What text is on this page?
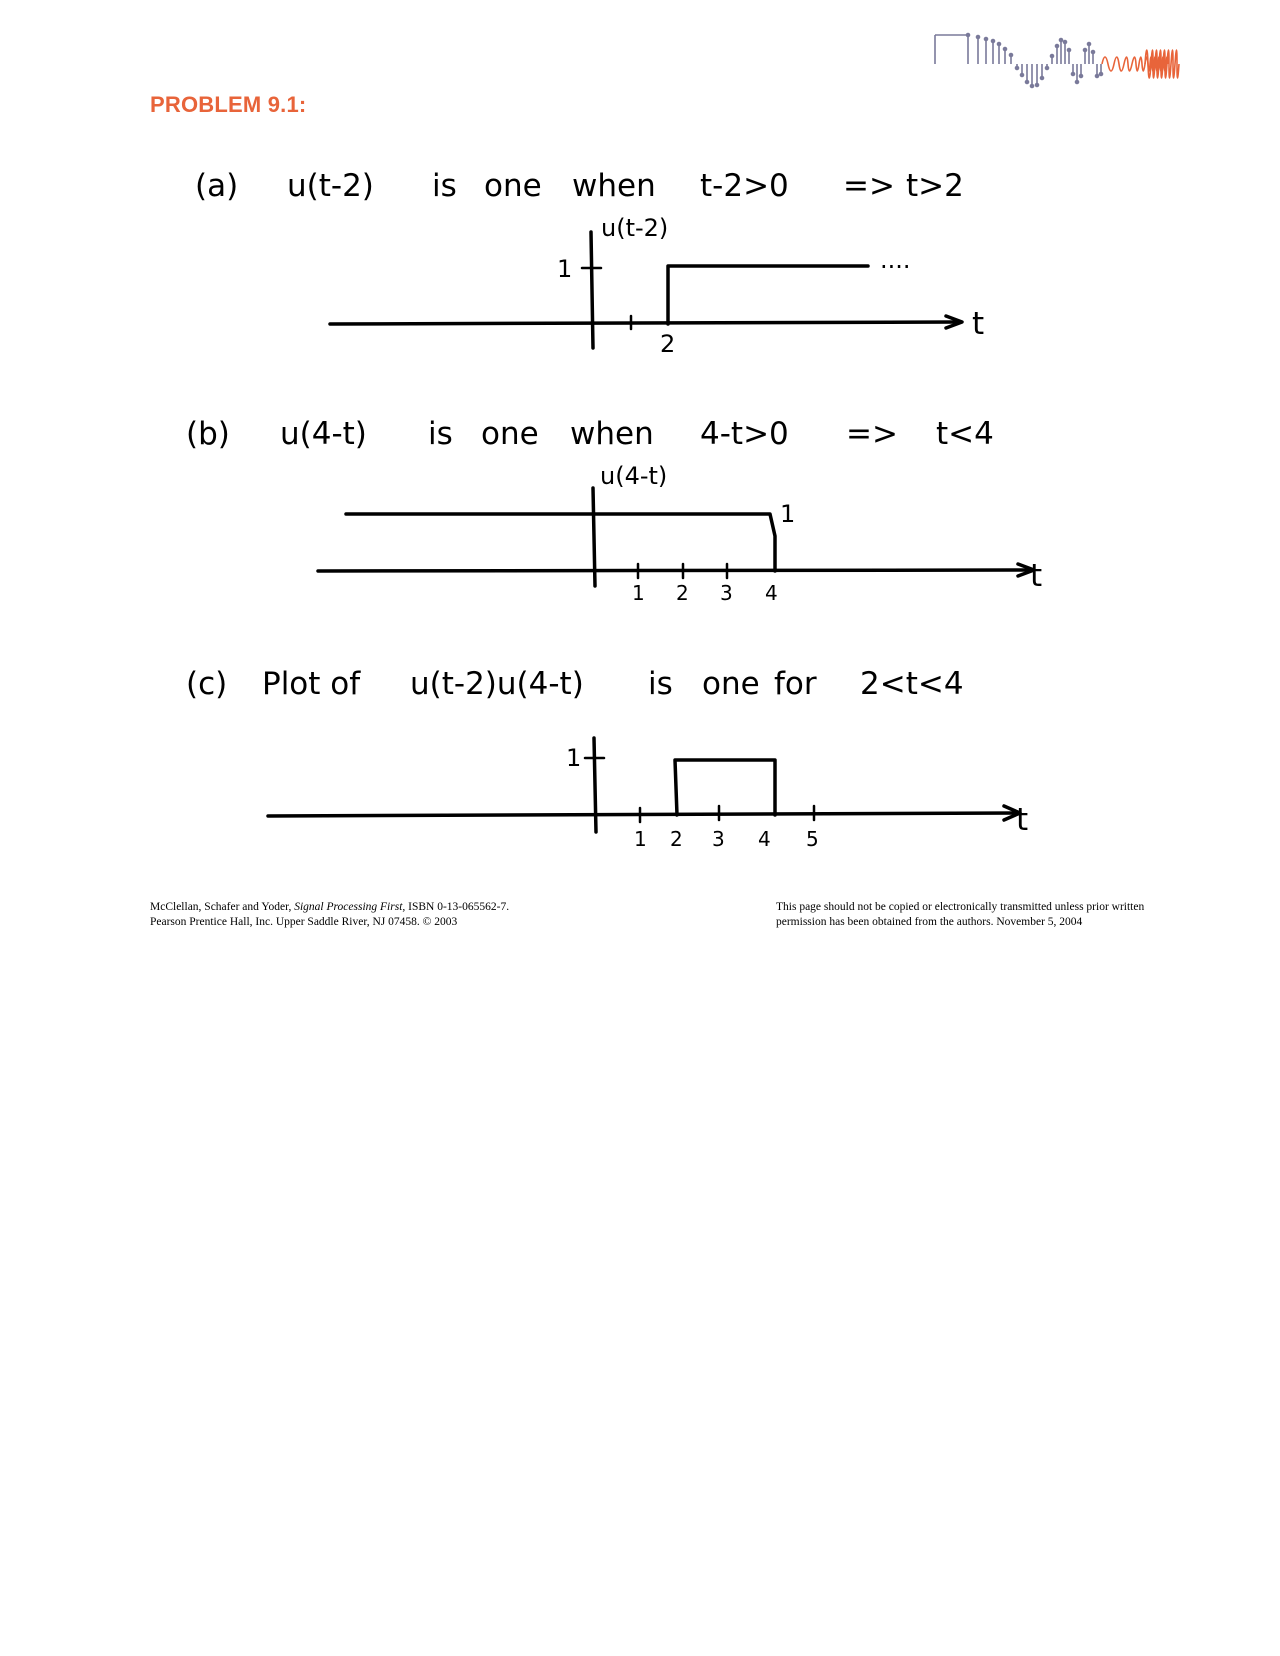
PROBLEM 9.1:
(a) u(t-2) is one when t-2>0 => t>2
u(t-2)
1
2
....
t
(b) u(4-t) is one when 4-t>0 => t<4
u(4-t)
1
1 2 3 4	t
(c) Plot of u(t-2)u(4-t) is one for 2<t<4
1
1 2 3 4 5
t
McClellan, Schafer and Yoder, Signal Processing First, ISBN 0-13-065562-7.
Pearson Prentice Hall, Inc. Upper Saddle River, NJ 07458. © 2003
This page should not be copied or electronically transmitted unless prior written
permission has been obtained from the authors. November 5, 2004
